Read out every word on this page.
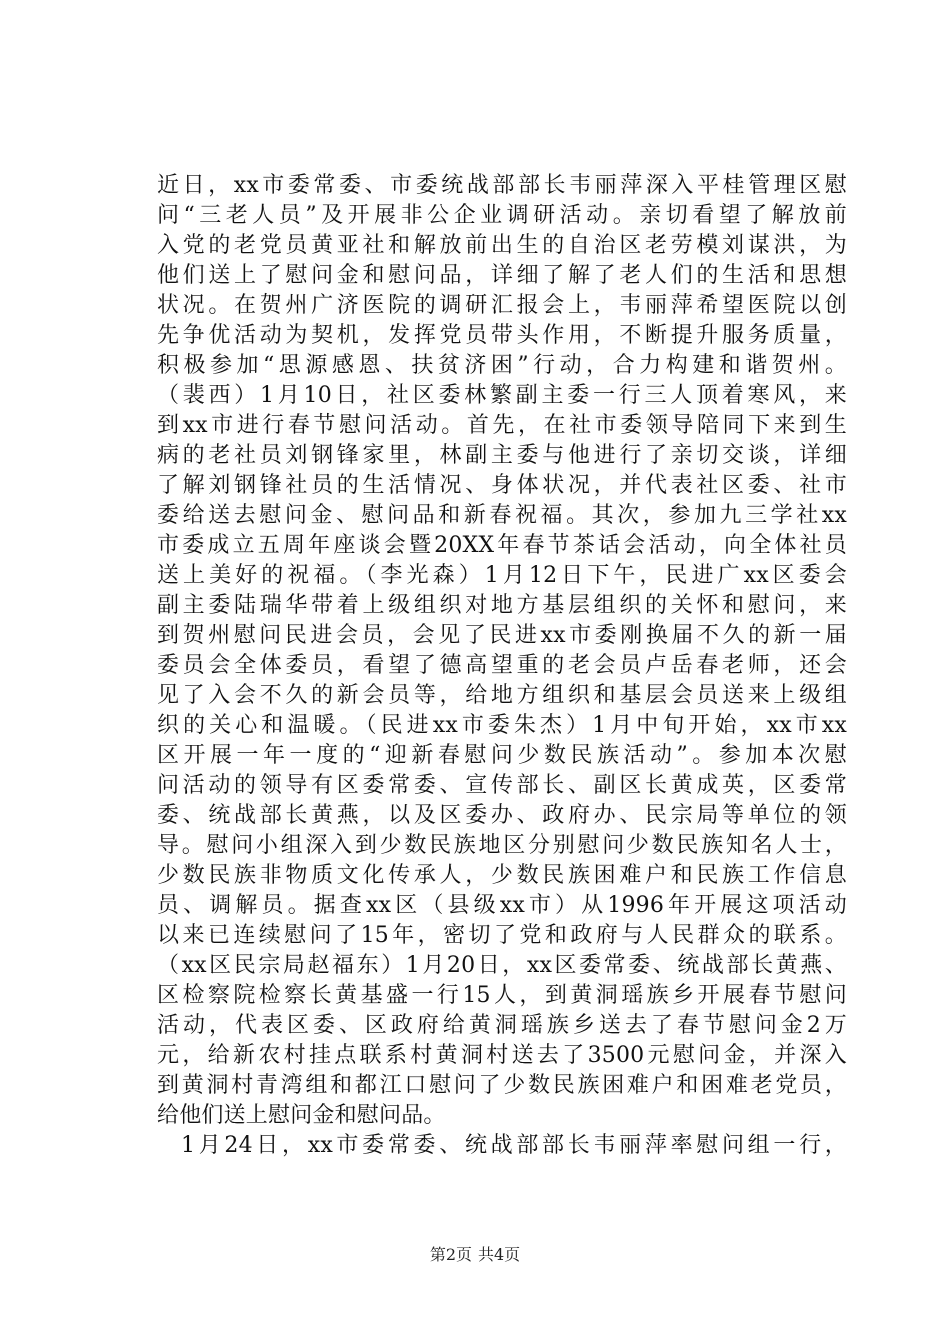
近日，xx市委常委、市委统战部部长韦丽萍深入平桂管理区慰
问“三老人员”及开展非公企业调研活动。亲切看望了解放前
入党的老党员黄亚社和解放前出生的自治区老劳模刘谋洪，为
他们送上了慰问金和慰问品，详细了解了老人们的生活和思想
状况。在贺州广济医院的调研汇报会上，韦丽萍希望医院以创
先争优活动为契机，发挥党员带头作用，不断提升服务质量，
积极参加“思源感恩、扶贫济困”行动，合力构建和谐贺州。
（裴西）1月10日，社区委林繁副主委一行三人顶着寒风，来
到xx市进行春节慰问活动。首先，在社市委领导陪同下来到生
病的老社员刘钢锋家里，林副主委与他进行了亲切交谈，详细
了解刘钢锋社员的生活情况、身体状况，并代表社区委、社市
委给送去慰问金、慰问品和新春祝福。其次，参加九三学社xx
市委成立五周年座谈会暨20XX年春节茶话会活动，向全体社员
送上美好的祝福。（李光森）1月12日下午，民进广xx区委会
副主委陆瑞华带着上级组织对地方基层组织的关怀和慰问，来
到贺州慰问民进会员，会见了民进xx市委刚换届不久的新一届
委员会全体委员，看望了德高望重的老会员卢岳春老师，还会
见了入会不久的新会员等，给地方组织和基层会员送来上级组
织的关心和温暖。（民进xx市委朱杰）1月中旬开始，xx市xx
区开展一年一度的“迎新春慰问少数民族活动”。参加本次慰
问活动的领导有区委常委、宣传部长、副区长黄成英，区委常
委、统战部长黄燕，以及区委办、政府办、民宗局等单位的领
导。慰问小组深入到少数民族地区分别慰问少数民族知名人士，
少数民族非物质文化传承人，少数民族困难户和民族工作信息
员、调解员。据查xx区（县级xx市）从1996年开展这项活动
以来已连续慰问了15年，密切了党和政府与人民群众的联系。
（xx区民宗局赵福东）1月20日，xx区委常委、统战部长黄燕、
区检察院检察长黄基盛一行15人，到黄洞瑶族乡开展春节慰问
活动，代表区委、区政府给黄洞瑶族乡送去了春节慰问金2万
元，给新农村挂点联系村黄洞村送去了3500元慰问金，并深入
到黄洞村青湾组和都江口慰问了少数民族困难户和困难老党员，
给他们送上慰问金和慰问品。
1月24日，xx市委常委、统战部部长韦丽萍率慰问组一行，
第2页 共4页
